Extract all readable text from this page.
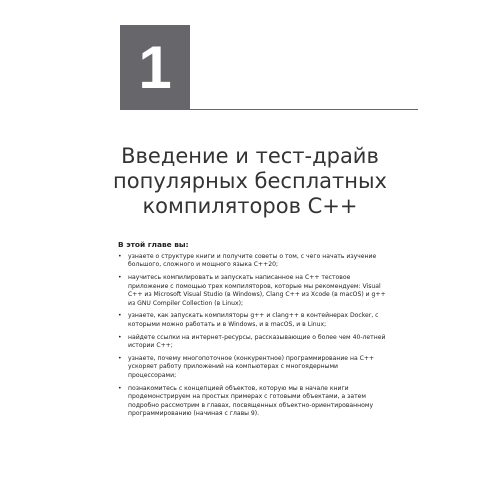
1
Введение и тест-драйв
популярных бесплатных
компиляторов C++
В этой главе вы:
• узнаете о структуре книги и получите советы о том, с чего начать изучение большого, сложного и мощного языка C++20;
• научитесь компилировать и запускать написанное на C++ тестовое приложение с помощью трех компиляторов, которые мы рекомендуем: Visual C++ из Microsoft Visual Studio (в Windows), Clang C++ из Xcode (в macOS) и g++ из GNU Compiler Collection (в Linux);
• узнаете, как запускать компиляторы g++ и clang++ в контейнерах Docker, с которыми можно работать и в Windows, и в macOS, и в Linux;
• найдете ссылки на интернет-ресурсы, рассказывающие о более чем 40-летней истории C++;
• узнаете, почему многопоточное (конкурентное) программирование на C++ ускоряет работу приложений на компьютерах с многоядерными процессорами;
• познакомитесь с концепцией объектов, которую мы в начале книги продемонстрируем на простых примерах с готовыми объектами, а затем подробно рассмотрим в главах, посвященных объектно-ориентированному программированию (начиная с главы 9).
